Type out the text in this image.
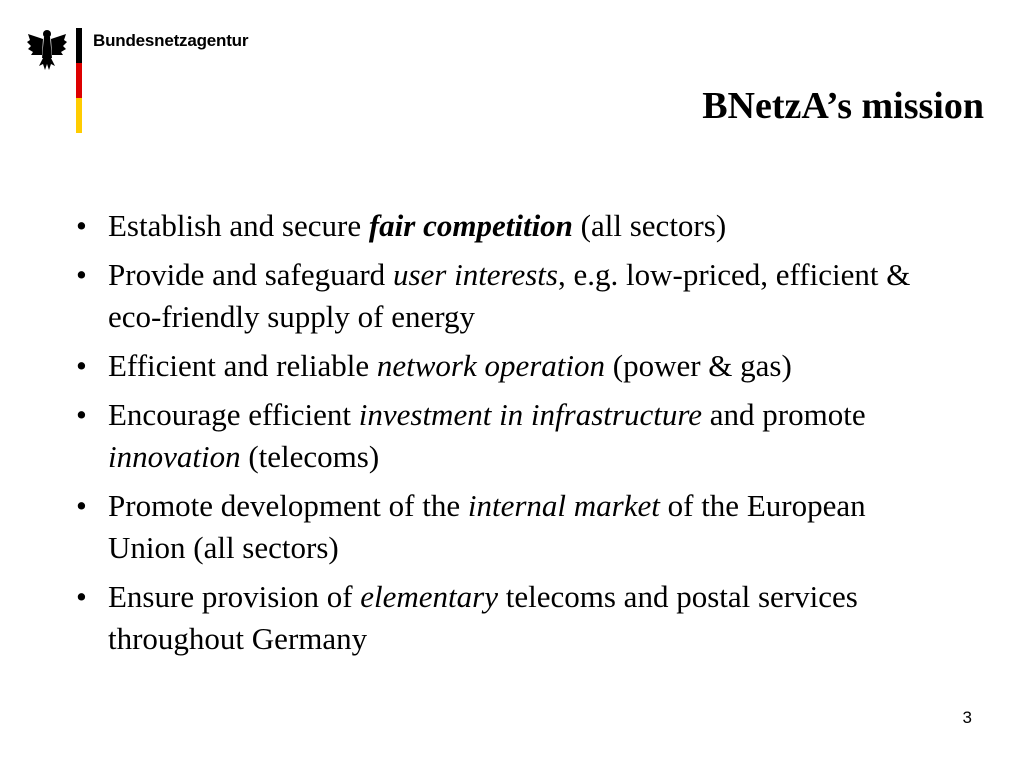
Bundesnetzagentur
BNetzA’s mission
• Establish and secure fair competition (all sectors)
• Provide and safeguard user interests, e.g. low-priced, efficient & eco-friendly supply of energy
• Efficient and reliable network operation (power & gas)
• Encourage efficient investment in infrastructure and promote innovation (telecoms)
• Promote development of the internal market of the European Union (all sectors)
• Ensure provision of elementary telecoms and postal services throughout Germany
3
